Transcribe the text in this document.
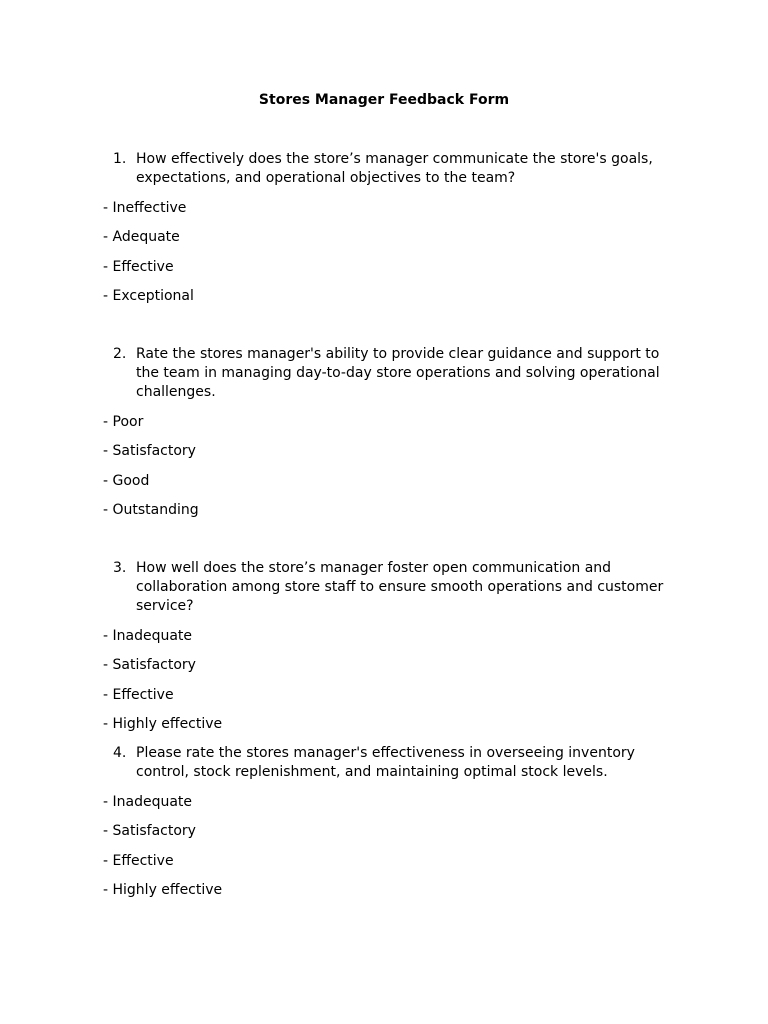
Stores Manager Feedback Form
1. How effectively does the store’s manager communicate the store's goals, expectations, and operational objectives to the team?
- Ineffective
- Adequate
- Effective
- Exceptional
2. Rate the stores manager's ability to provide clear guidance and support to the team in managing day-to-day store operations and solving operational challenges.
- Poor
- Satisfactory
- Good
- Outstanding
3. How well does the store’s manager foster open communication and collaboration among store staff to ensure smooth operations and customer service?
- Inadequate
- Satisfactory
- Effective
- Highly effective
4. Please rate the stores manager's effectiveness in overseeing inventory control, stock replenishment, and maintaining optimal stock levels.
- Inadequate
- Satisfactory
- Effective
- Highly effective
